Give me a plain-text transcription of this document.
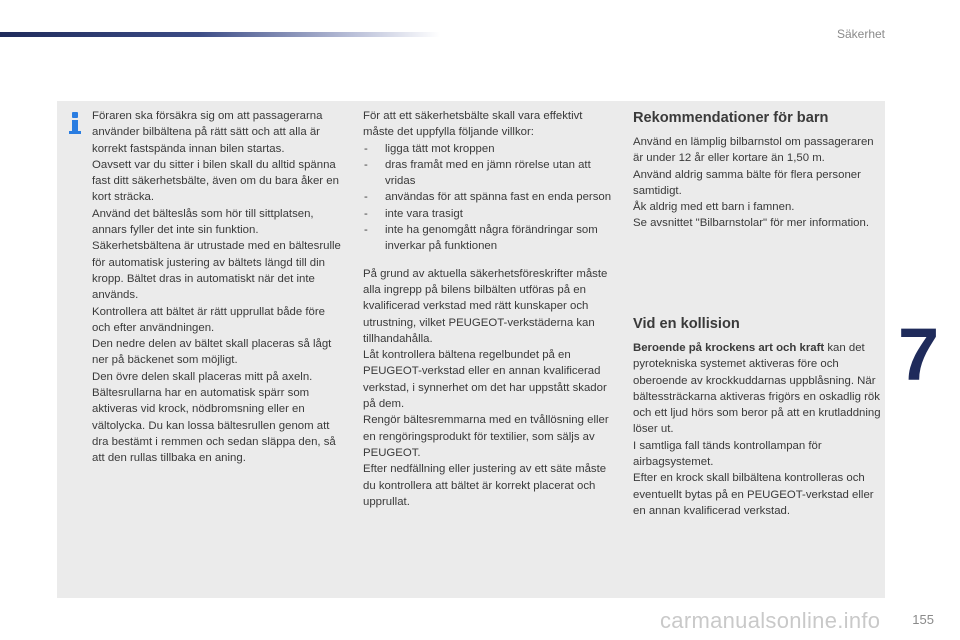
Säkerhet

Föraren ska försäkra sig om att passagerarna använder bilbältena på rätt sätt och att alla är korrekt fastspända innan bilen startas.

Oavsett var du sitter i bilen skall du alltid spänna fast ditt säkerhetsbälte, även om du bara åker en kort sträcka.

Använd det bälteslås som hör till sittplatsen, annars fyller det inte sin funktion.

Säkerhetsbältena är utrustade med en bältesrulle för automatisk justering av bältets längd till din kropp. Bältet dras in automatiskt när det inte används.

Kontrollera att bältet är rätt upprullat både före och efter användningen.

Den nedre delen av bältet skall placeras så lågt ner på bäckenet som möjligt.

Den övre delen skall placeras mitt på axeln.

Bältesrullarna har en automatisk spärr som aktiveras vid krock, nödbromsning eller en vältolycka. Du kan lossa bältesrullen genom att dra bestämt i remmen och sedan släppa den, så att den rullas tillbaka en aning.

För att ett säkerhetsbälte skall vara effektivt måste det uppfylla följande villkor:

- ligga tätt mot kroppen
- dras framåt med en jämn rörelse utan att vridas
- användas för att spänna fast en enda person
- inte vara trasigt
- inte ha genomgått några förändringar som inverkar på funktionen

På grund av aktuella säkerhetsföreskrifter måste alla ingrepp på bilens bilbälten utföras på en kvalificerad verkstad med rätt kunskaper och utrustning, vilket PEUGEOT-verkstäderna kan tillhandahålla.

Låt kontrollera bältena regelbundet på en PEUGEOT-verkstad eller en annan kvalificerad verkstad, i synnerhet om det har uppstått skador på dem.

Rengör bältesremmarna med en tvållösning eller en rengöringsprodukt för textilier, som säljs av PEUGEOT.

Efter nedfällning eller justering av ett säte måste du kontrollera att bältet är korrekt placerat och upprullat.

Rekommendationer för barn

Använd en lämplig bilbarnstol om passageraren är under 12 år eller kortare än 1,50 m.

Använd aldrig samma bälte för flera personer samtidigt.

Åk aldrig med ett barn i famnen.

Se avsnittet "Bilbarnstolar" för mer information.

Vid en kollision

Beroende på krockens art och kraft kan det pyrotekniska systemet aktiveras före och oberoende av krockkuddarnas uppblåsning. När bältessträckarna aktiveras frigörs en oskadlig rök och ett ljud hörs som beror på att en krutladdning löser ut.

I samtliga fall tänds kontrollampan för airbagsystemet.

Efter en krock skall bilbältena kontrolleras och eventuellt bytas på en PEUGEOT-verkstad eller en annan kvalificerad verkstad.

7
carmanualsonline.info 155
